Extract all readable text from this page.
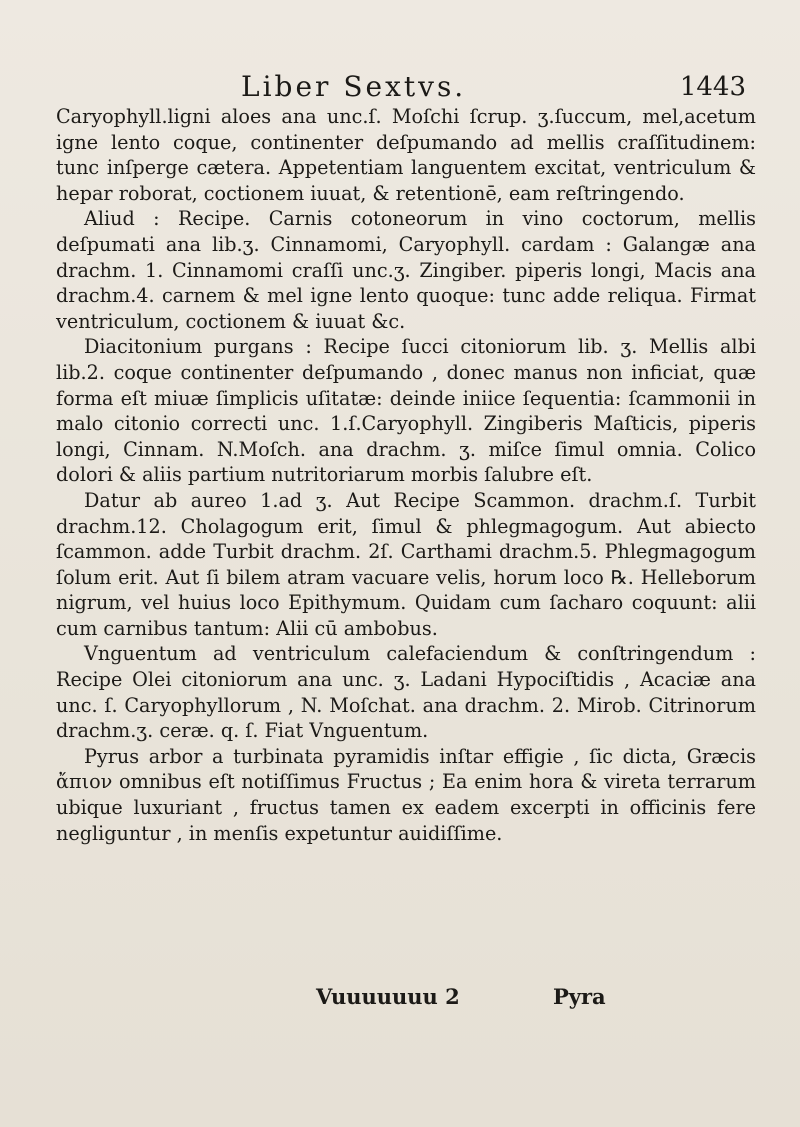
Liber Sextvs.	1443

Caryophyll.ligni aloes ana unc.ſ. Moſchi ſcrup. ʒ.ſuccum, mel,acetum igne lento coque, continenter deſpumando ad mellis craſſitudinem: tunc inſperge cætera. Appetentiam languentem excitat, ventriculum & hepar roborat, coctionem iuuat, & retentionē, eam reſtringendo.

Aliud : Recipe. Carnis cotoneorum in vino coctorum, mellis deſpumati ana lib.ʒ. Cinnamomi, Caryophyll. cardam : Galangæ ana drachm. 1. Cinnamomi craſſi unc.ʒ. Zingiber. piperis longi, Macis ana drachm.4. carnem & mel igne lento quoque: tunc adde reliqua. Firmat ventriculum, coctionem & iuuat &c.

Diacitonium purgans : Recipe ſucci citoniorum lib. ʒ. Mellis albi lib.2. coque continenter deſpumando , donec manus non inficiat, quæ forma eſt miuæ ſimplicis uſitatæ: deinde iniice ſequentia: ſcammonii in malo citonio correcti unc. 1.ſ.Caryophyll. Zingiberis Maſticis, piperis longi, Cinnam. N.Moſch. ana drachm. ʒ. miſce ſimul omnia. Colico dolori & aliis partium nutritoriarum morbis ſalubre eſt.

Datur ab aureo 1.ad ʒ. Aut Recipe Scammon. drachm.ſ. Turbit drachm.12. Cholagogum erit, ſimul & phlegmagogum. Aut abiecto ſcammon. adde Turbit drachm. 2ſ. Carthami drachm.5. Phlegmagogum ſolum erit. Aut ſi bilem atram vacuare velis, horum loco ℞. Helleborum nigrum, vel huius loco Epithymum. Quidam cum ſacharo coquunt: alii cum carnibus tantum: Alii cū ambobus.

Vnguentum ad ventriculum calefaciendum & conſtringendum : Recipe Olei citoniorum ana unc. ʒ. Ladani Hypociſtidis , Acaciæ ana unc. ſ. Caryophyllorum , N. Moſchat. ana drachm. 2. Mirob. Citrinorum drachm.ʒ. ceræ. q. ſ. Fiat Vnguentum.

Pyrus arbor a turbinata pyramidis inſtar effigie , ſic dicta, Græcis ἄπιον omnibus eſt notiſſimus Fructus ; Ea enim hora & vireta terrarum ubique luxuriant , fructus tamen ex eadem excerpti in officinis fere negliguntur , in menſis expetuntur auidiſſime.

Vuuuuuuu 2	Pyra
